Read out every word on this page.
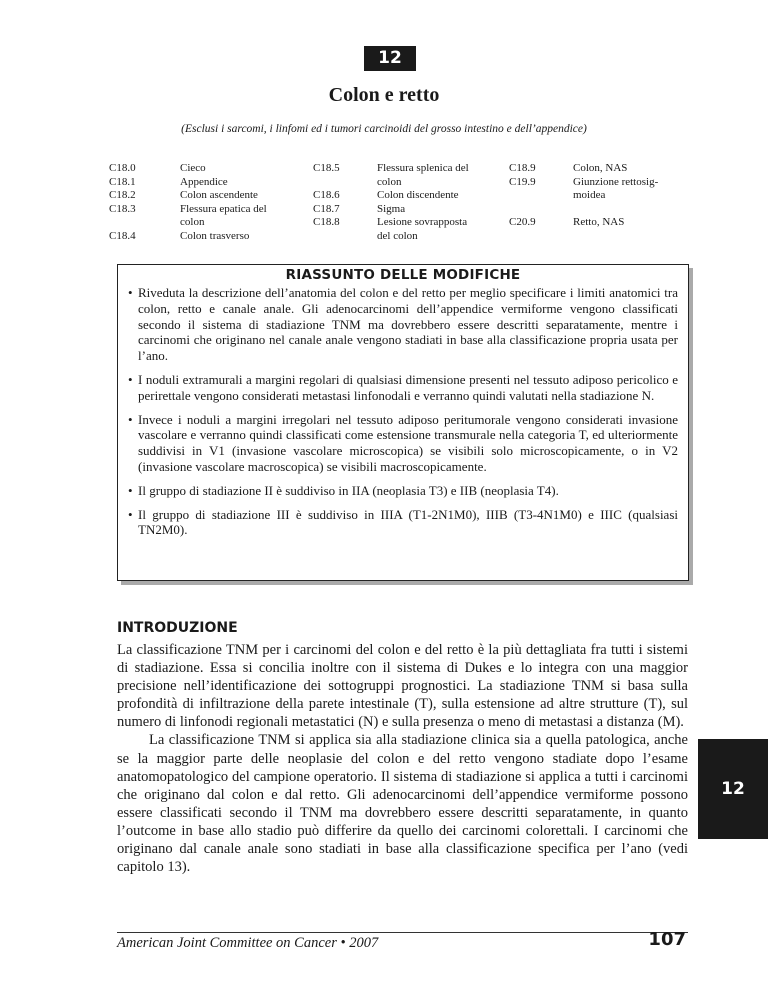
12
Colon e retto
(Esclusi i sarcomi, i linfomi ed i tumori carcinoidi del grosso intestino e dell’appendice)
C18.0
C18.1
C18.2
C18.3
C18.4
Cieco
Appendice
Colon ascendente
Flessura epatica del
colon
Colon trasverso
C18.5
C18.6
C18.7
C18.8
Flessura splenica del
colon
Colon discendente
Sigma
Lesione sovrapposta
del colon
C18.9
C19.9
C20.9
Colon, NAS
Giunzione rettosig-
moidea
Retto, NAS
RIASSUNTO DELLE MODIFICHE
• Riveduta la descrizione dell’anatomia del colon e del retto per meglio specificare i limiti anatomici tra colon, retto e canale anale. Gli adenocarcinomi dell’appendice vermiforme vengono classificati secondo il sistema di stadiazione TNM ma dovrebbero essere descritti separatamente, mentre i carcinomi che originano nel canale anale vengono stadiati in base alla classificazione propria usata per l’ano.
• I noduli extramurali a margini regolari di qualsiasi dimensione presenti nel tessuto adiposo pericolico e perirettale vengono considerati metastasi linfonodali e verranno quindi valutati nella stadiazione N.
• Invece i noduli a margini irregolari nel tessuto adiposo peritumorale vengono considerati invasione vascolare e verranno quindi classificati come estensione transmurale nella categoria T, ed ulteriormente suddivisi in V1 (invasione vascolare microscopica) se visibili solo microscopicamente, o in V2 (invasione vascolare macroscopica) se visibili macroscopicamente.
• Il gruppo di stadiazione II è suddiviso in IIA (neoplasia T3) e IIB (neoplasia T4).
• Il gruppo di stadiazione III è suddiviso in IIIA (T1-2N1M0), IIIB (T3-4N1M0) e IIIC (qualsiasi TN2M0).
INTRODUZIONE

La classificazione TNM per i carcinomi del colon e del retto è la più dettagliata fra tutti i sistemi di stadiazione. Essa si concilia inoltre con il sistema di Dukes e lo integra con una maggior precisione nell’identificazione dei sottogruppi prognostici. La stadiazione TNM si basa sulla profondità di infiltrazione della parete intestinale (T), sulla estensione ad altre strutture (T), sul numero di linfonodi regionali metastatici (N) e sulla presenza o meno di metastasi a distanza (M).

La classificazione TNM si applica sia alla stadiazione clinica sia a quella patologica, anche se la maggior parte delle neoplasie del colon e del retto vengono stadiate dopo l’esame anatomopatologico del campione operatorio. Il sistema di stadiazione si applica a tutti i carcinomi che originano dal colon e dal retto. Gli adenocarcinomi dell’appendice vermiforme possono essere classificati secondo il TNM ma dovrebbero essere descritti separatamente, in quanto l’outcome in base allo stadio può differire da quello dei carcinomi colorettali. I carcinomi che originano dal canale anale sono stadiati in base alla classificazione specifica per l’ano (vedi capitolo 13).

12
American Joint Committee on Cancer • 2007	107
